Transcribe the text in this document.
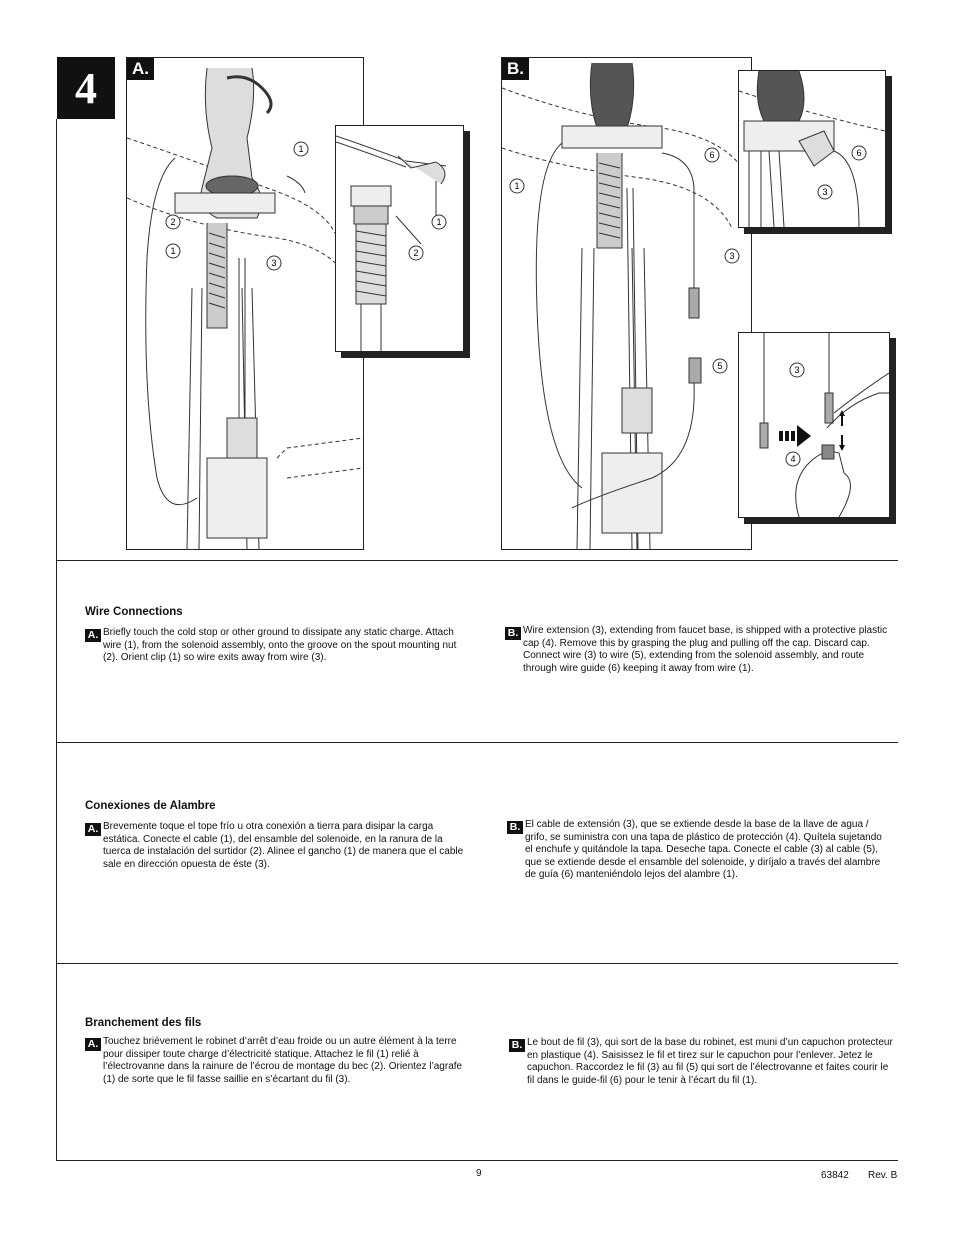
4
1
2
1
3
A.
1
2
1
6
3
5
B.
6
3
3
4
Wire Connections
A. Briefly touch the cold stop or other ground to dissipate any static charge. Attach wire (1), from the solenoid assembly, onto the groove on the spout mounting nut (2). Orient clip (1) so wire exits away from wire (3).
B. Wire extension (3), extending from faucet base, is shipped with a protective plastic cap (4). Remove this by grasping the plug and pulling off the cap. Discard cap. Connect wire (3) to wire (5), extending from the solenoid assembly, and route through wire guide (6) keeping it away from wire (1).
Conexiones de Alambre
A. Brevemente toque el tope frío u otra conexión a tierra para disipar la carga estática. Conecte el cable (1), del ensamble del solenoide, en la ranura de la tuerca de instalación del surtidor (2). Alinee el gancho (1) de manera que el cable sale en dirección opuesta de éste (3).
B. El cable de extensión (3), que se extiende desde la base de la llave de agua / grifo, se suministra con una tapa de plástico de protección (4). Quítela sujetando el enchufe y quitándole la tapa. Deseche tapa. Conecte el cable (3) al cable (5), que se extiende desde el ensamble del solenoide, y diríjalo a través del alambre de guía (6) manteniéndolo lejos del alambre (1).
Branchement des fils
A. Touchez brièvement le robinet d’arrêt d’eau froide ou un autre élément à la terre pour dissiper toute charge d’électricité statique. Attachez le fil (1) relié à l’électrovanne dans la rainure de l’écrou de montage du bec (2). Orientez l’agrafe (1) de sorte que le fil fasse saillie en s’écartant du fil (3).
B. Le bout de fil (3), qui sort de la base du robinet, est muni d’un capuchon protecteur en plastique (4). Saisissez le fil et tirez sur le capuchon pour l’enlever. Jetez le capuchon. Raccordez le fil (3) au fil (5) qui sort de l’électrovanne et faites courir le fil dans le guide-fil (6) pour le tenir à l’écart du fil (1).
9	63842 Rev. B
